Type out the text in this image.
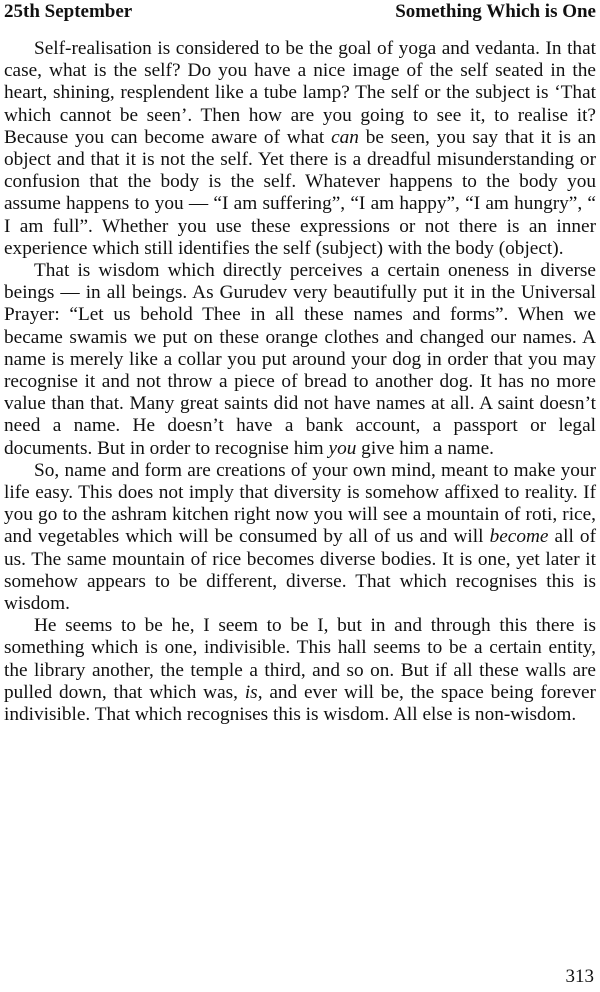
25th September	Something Which is One

Self-realisation is considered to be the goal of yoga and vedanta. In that case, what is the self? Do you have a nice image of the self seated in the heart, shining, resplendent like a tube lamp? The self or the subject is ‘That which cannot be seen’. Then how are you going to see it, to realise it? Because you can become aware of what can be seen, you say that it is an object and that it is not the self. Yet there is a dreadful misunderstanding or confusion that the body is the self. Whatever happens to the body you assume happens to you — “I am suffering”, “I am happy”, “I am hungry”, “ I am full”. Whether you use these expressions or not there is an inner experience which still identifies the self (subject) with the body (object).

That is wisdom which directly perceives a certain oneness in diverse beings — in all beings. As Gurudev very beautifully put it in the Universal Prayer: “Let us behold Thee in all these names and forms”. When we became swamis we put on these orange clothes and changed our names. A name is merely like a collar you put around your dog in order that you may recognise it and not throw a piece of bread to another dog. It has no more value than that. Many great saints did not have names at all. A saint doesn’t need a name. He doesn’t have a bank account, a passport or legal documents. But in order to recognise him you give him a name.

So, name and form are creations of your own mind, meant to make your life easy. This does not imply that diversity is somehow affixed to reality. If you go to the ashram kitchen right now you will see a mountain of roti, rice, and vegetables which will be consumed by all of us and will become all of us. The same mountain of rice becomes diverse bodies. It is one, yet later it somehow appears to be different, diverse. That which recognises this is wisdom.

He seems to be he, I seem to be I, but in and through this there is something which is one, indivisible. This hall seems to be a certain entity, the library another, the temple a third, and so on. But if all these walls are pulled down, that which was, is, and ever will be, the space being forever indivisible. That which recognises this is wisdom. All else is non-wisdom.

313
